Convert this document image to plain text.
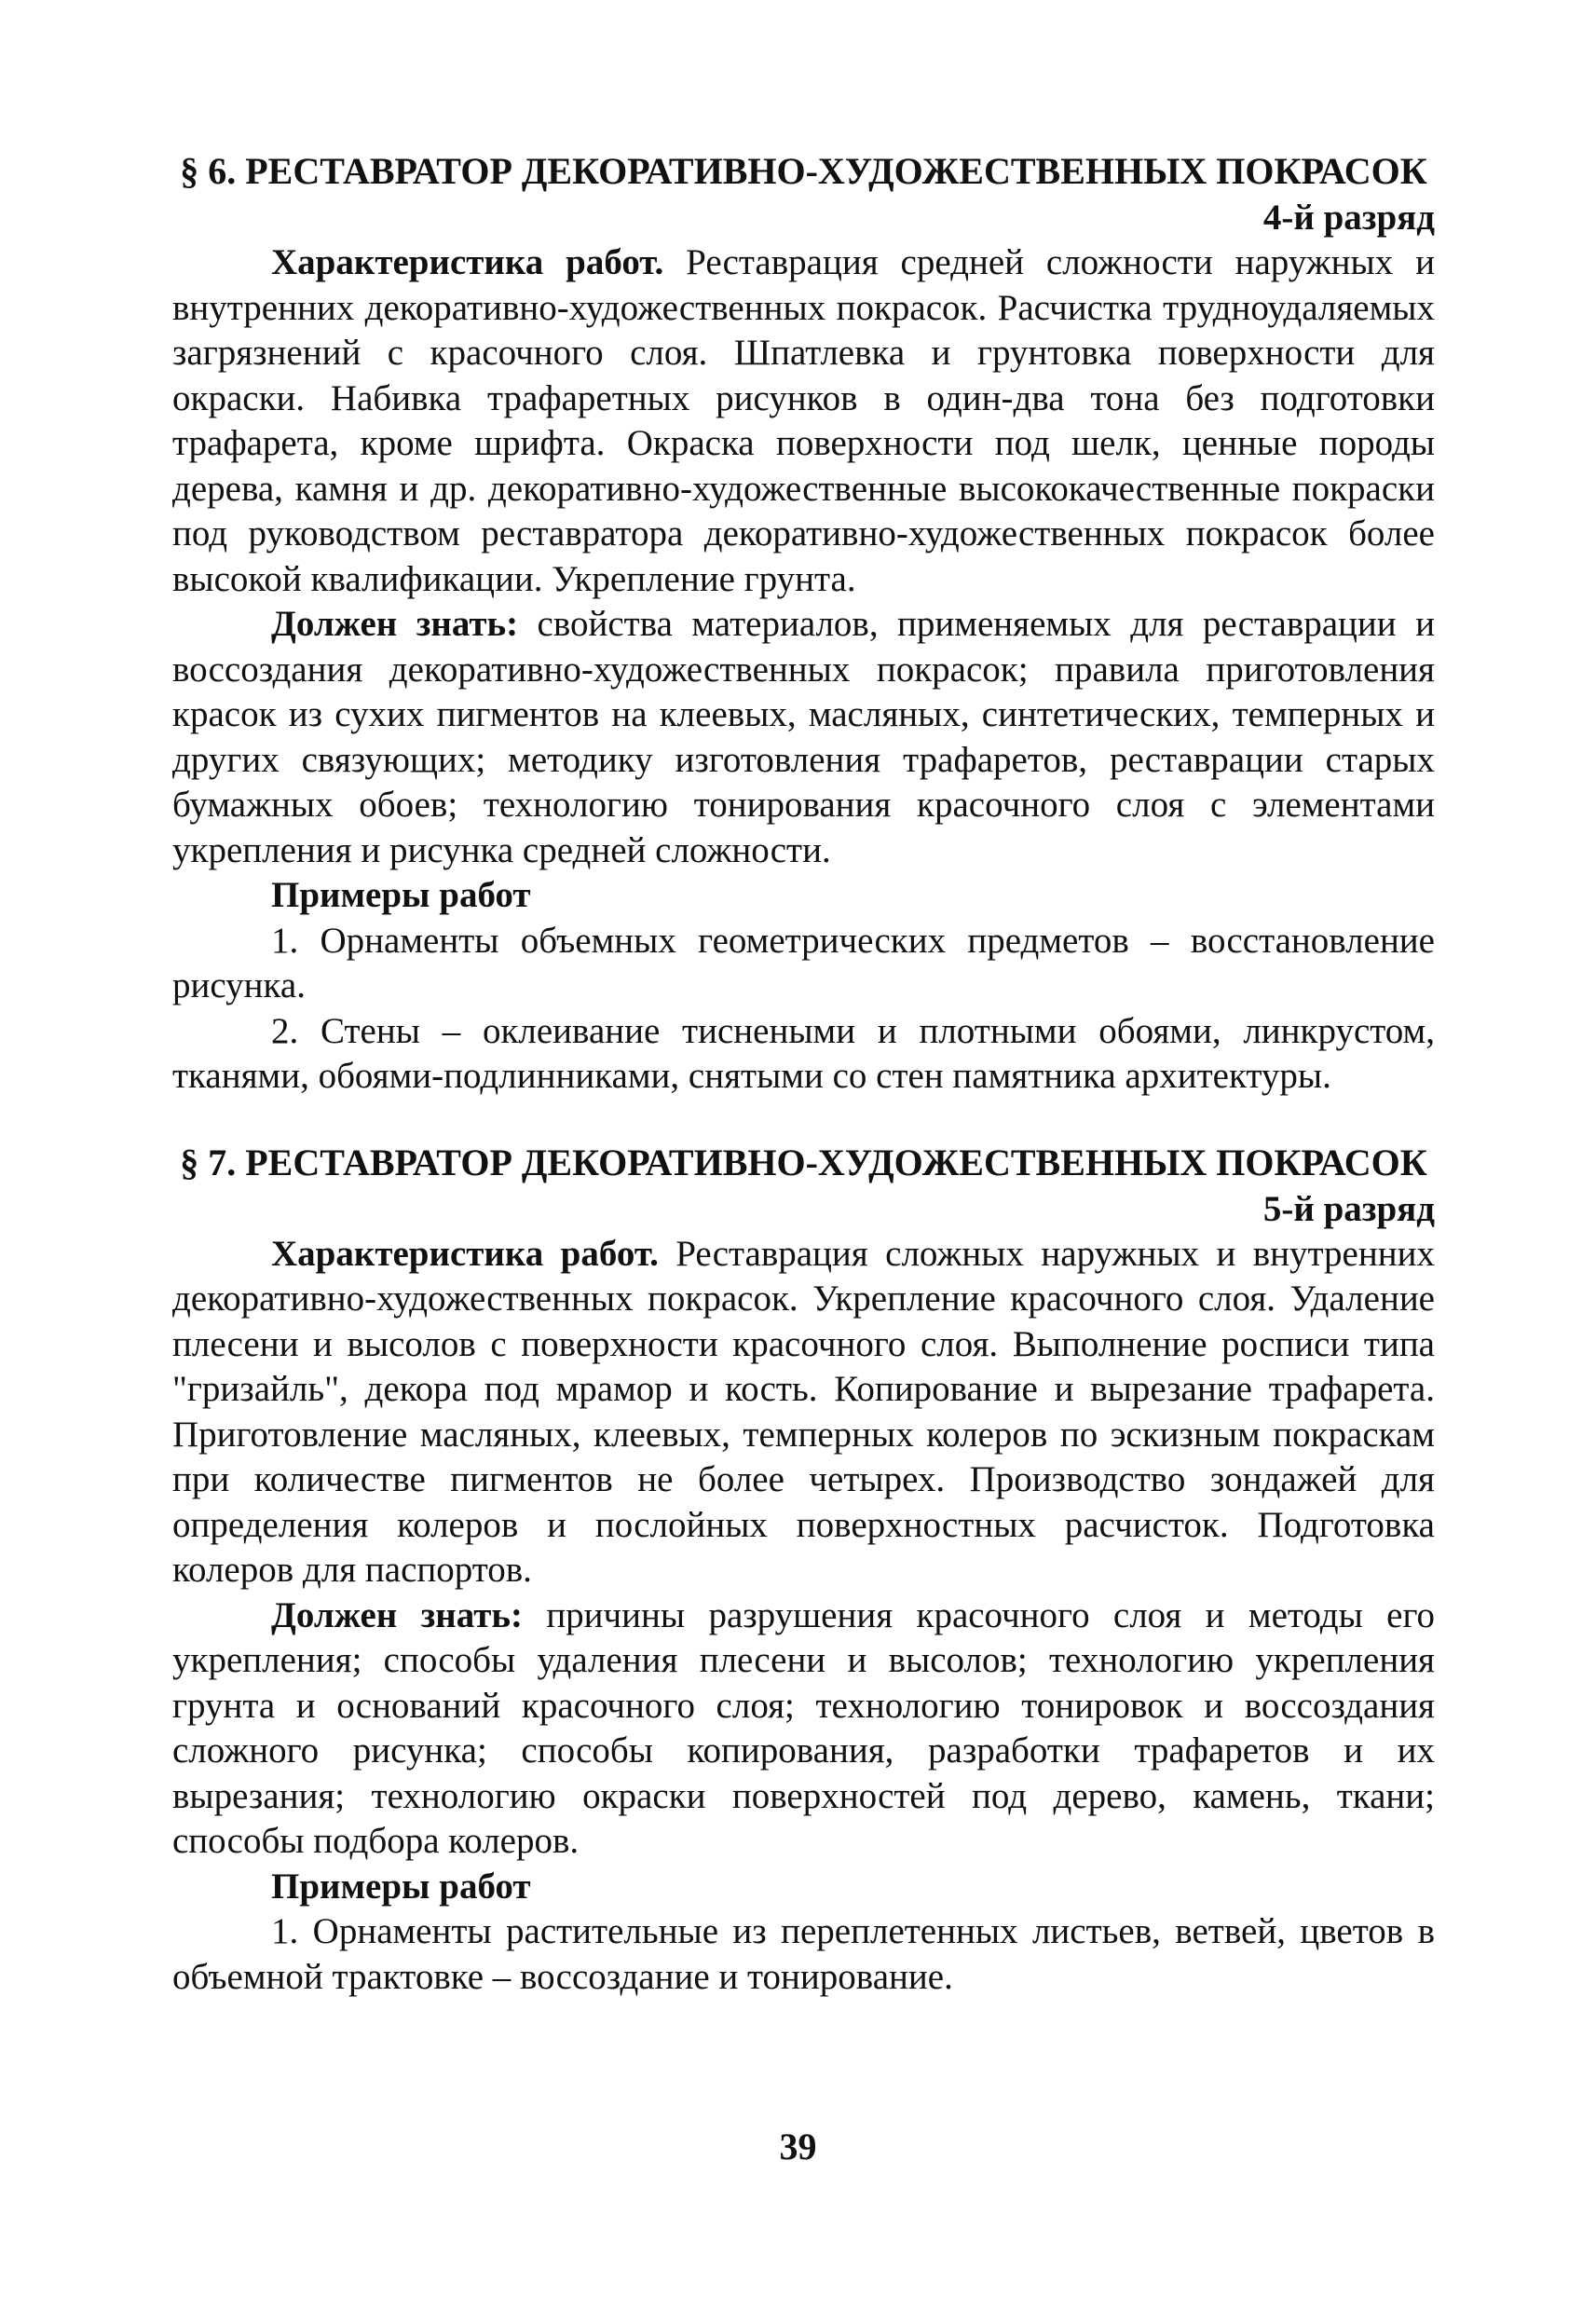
§ 6. РЕСТАВРАТОР ДЕКОРАТИВНО-ХУДОЖЕСТВЕННЫХ ПОКРАСОК

4-й разряд

Характеристика работ. Реставрация средней сложности наружных и внутренних декоративно-художественных покрасок. Расчистка трудноудаляемых загрязнений с красочного слоя. Шпатлевка и грунтовка поверхности для окраски. Набивка трафаретных рисунков в один-два тона без подготовки трафарета, кроме шрифта. Окраска поверхности под шелк, ценные породы дерева, камня и др. декоративно-художественные высококачественные покраски под руководством реставратора декоративно-художественных покрасок более высокой квалификации. Укрепление грунта.

Должен знать: свойства материалов, применяемых для реставрации и воссоздания декоративно-художественных покрасок; правила приготовления красок из сухих пигментов на клеевых, масляных, синтетических, темперных и других связующих; методику изготовления трафаретов, реставрации старых бумажных обоев; технологию тонирования красочного слоя с элементами укрепления и рисунка средней сложности.

Примеры работ

1. Орнаменты объемных геометрических предметов – восстановление рисунка.

2. Стены – оклеивание тиснеными и плотными обоями, линкрустом, тканями, обоями-подлинниками, снятыми со стен памятника архитектуры.

§ 7. РЕСТАВРАТОР ДЕКОРАТИВНО-ХУДОЖЕСТВЕННЫХ ПОКРАСОК

5-й разряд

Характеристика работ. Реставрация сложных наружных и внутренних декоративно-художественных покрасок. Укрепление красочного слоя. Удаление плесени и высолов с поверхности красочного слоя. Выполнение росписи типа "гризайль", декора под мрамор и кость. Копирование и вырезание трафарета. Приготовление масляных, клеевых, темперных колеров по эскизным покраскам при количестве пигментов не более четырех. Производство зондажей для определения колеров и послойных поверхностных расчисток. Подготовка колеров для паспортов.

Должен знать: причины разрушения красочного слоя и методы его укрепления; способы удаления плесени и высолов; технологию укрепления грунта и оснований красочного слоя; технологию тонировок и воссоздания сложного рисунка; способы копирования, разработки трафаретов и их вырезания; технологию окраски поверхностей под дерево, камень, ткани; способы подбора колеров.

Примеры работ

1. Орнаменты растительные из переплетенных листьев, ветвей, цветов в объемной трактовке – воссоздание и тонирование.

39
